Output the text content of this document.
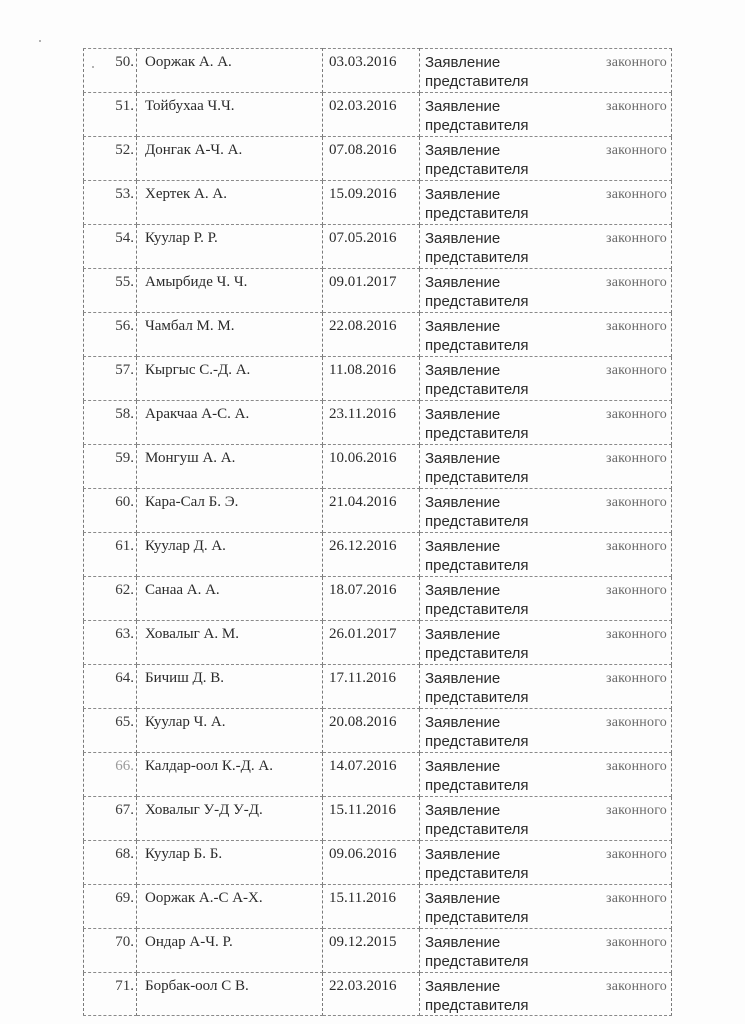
50.	Ооржак А. А.	03.03.2016	Заявление законного
представителя

51.	Тойбухаа Ч.Ч.	02.03.2016	Заявление законного
представителя

52.	Донгак А-Ч. А.	07.08.2016	Заявление законного
представителя

53.	Хертек А. А.	15.09.2016	Заявление законного
представителя

54.	Куулар Р. Р.	07.05.2016	Заявление законного
представителя

55.	Амырбиде Ч. Ч.	09.01.2017	Заявление законного
представителя

56.	Чамбал М. М.	22.08.2016	Заявление законного
представителя

57.	Кыргыс С.-Д. А.	11.08.2016	Заявление законного
представителя

58.	Аракчаа А-С. А.	23.11.2016	Заявление законного
представителя

59.	Монгуш А. А.	10.06.2016	Заявление законного
представителя

60.	Кара-Сал Б. Э.	21.04.2016	Заявление законного
представителя

61.	Куулар Д. А.	26.12.2016	Заявление законного
представителя

62.	Санаа А. А.	18.07.2016	Заявление законного
представителя

63.	Ховалыг А. М.	26.01.2017	Заявление законного
представителя

64.	Бичиш Д. В.	17.11.2016	Заявление законного
представителя

65.	Куулар Ч. А.	20.08.2016	Заявление законного
представителя

66.	Калдар-оол К.-Д. А.	14.07.2016	Заявление законного
представителя

67.	Ховалыг У-Д У-Д.	15.11.2016	Заявление законного
представителя

68.	Куулар Б. Б.	09.06.2016	Заявление законного
представителя

69.	Ооржак А.-С А-Х.	15.11.2016	Заявление законного
представителя

70.	Ондар А-Ч. Р.	09.12.2015	Заявление законного
представителя

71.	Борбак-оол С В.	22.03.2016	Заявление законного
представителя
